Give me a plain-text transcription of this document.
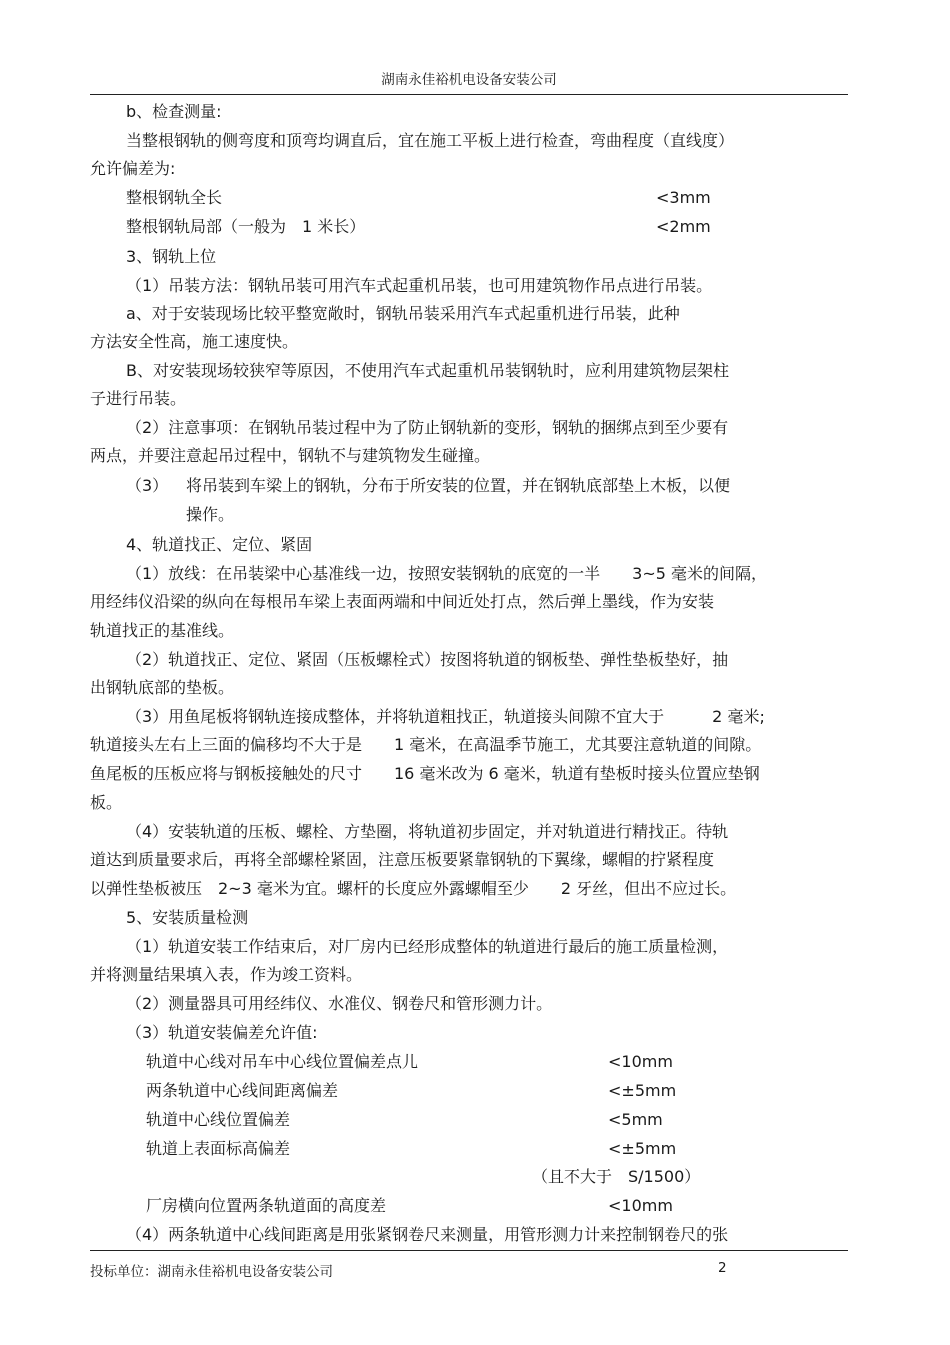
湖南永佳裕机电设备安装公司
b、检查测量:
当整根钢轨的侧弯度和顶弯均调直后，宜在施工平板上进行检查，弯曲程度（直线度）
允许偏差为:
整根钢轨全长	<3mm
整根钢轨局部（一般为　1 米长）	<2mm
3、钢轨上位
（1）吊装方法：钢轨吊装可用汽车式起重机吊装，也可用建筑物作吊点进行吊装。
a、对于安装现场比较平整宽敞时，钢轨吊装采用汽车式起重机进行吊装，此种
方法安全性高，施工速度快。
B、对安装现场较狭窄等原因，不使用汽车式起重机吊装钢轨时，应利用建筑物层架柱
子进行吊装。
（2）注意事项：在钢轨吊装过程中为了防止钢轨新的变形，钢轨的捆绑点到至少要有
两点，并要注意起吊过程中，钢轨不与建筑物发生碰撞。
（3） 将吊装到车梁上的钢轨，分布于所安装的位置，并在钢轨底部垫上木板，以便
操作。
4、轨道找正、定位、紧固
（1）放线：在吊装梁中心基准线一边，按照安装钢轨的底宽的一半　　3~5 毫米的间隔，
用经纬仪沿梁的纵向在每根吊车梁上表面两端和中间近处打点，然后弹上墨线，作为安装
轨道找正的基准线。
（2）轨道找正、定位、紧固（压板螺栓式）按图将轨道的钢板垫、弹性垫板垫好，抽
出钢轨底部的垫板。
（3）用鱼尾板将钢轨连接成整体，并将轨道粗找正，轨道接头间隙不宜大于　　　2 毫米;
轨道接头左右上三面的偏移均不大于是　　1 毫米，在高温季节施工，尤其要注意轨道的间隙。
鱼尾板的压板应将与钢板接触处的尺寸　　16 毫米改为 6 毫米，轨道有垫板时接头位置应垫钢
板。
（4）安装轨道的压板、螺栓、方垫圈，将轨道初步固定，并对轨道进行精找正。待轨
道达到质量要求后，再将全部螺栓紧固，注意压板要紧靠钢轨的下翼缘，螺帽的拧紧程度
以弹性垫板被压　2~3 毫米为宜。螺杆的长度应外露螺帽至少　　2 牙丝，但出不应过长。
5、安装质量检测
（1）轨道安装工作结束后，对厂房内已经形成整体的轨道进行最后的施工质量检测，
并将测量结果填入表，作为竣工资料。
（2）测量器具可用经纬仪、水准仪、钢卷尺和管形测力计。
（3）轨道安装偏差允许值:
轨道中心线对吊车中心线位置偏差点儿	<10mm
两条轨道中心线间距离偏差	<±5mm
轨道中心线位置偏差	<5mm
轨道上表面标高偏差	<±5mm
（且不大于　S/1500）
厂房横向位置两条轨道面的高度差	<10mm
（4）两条轨道中心线间距离是用张紧钢卷尺来测量，用管形测力计来控制钢卷尺的张
投标单位：湖南永佳裕机电设备安装公司	2
